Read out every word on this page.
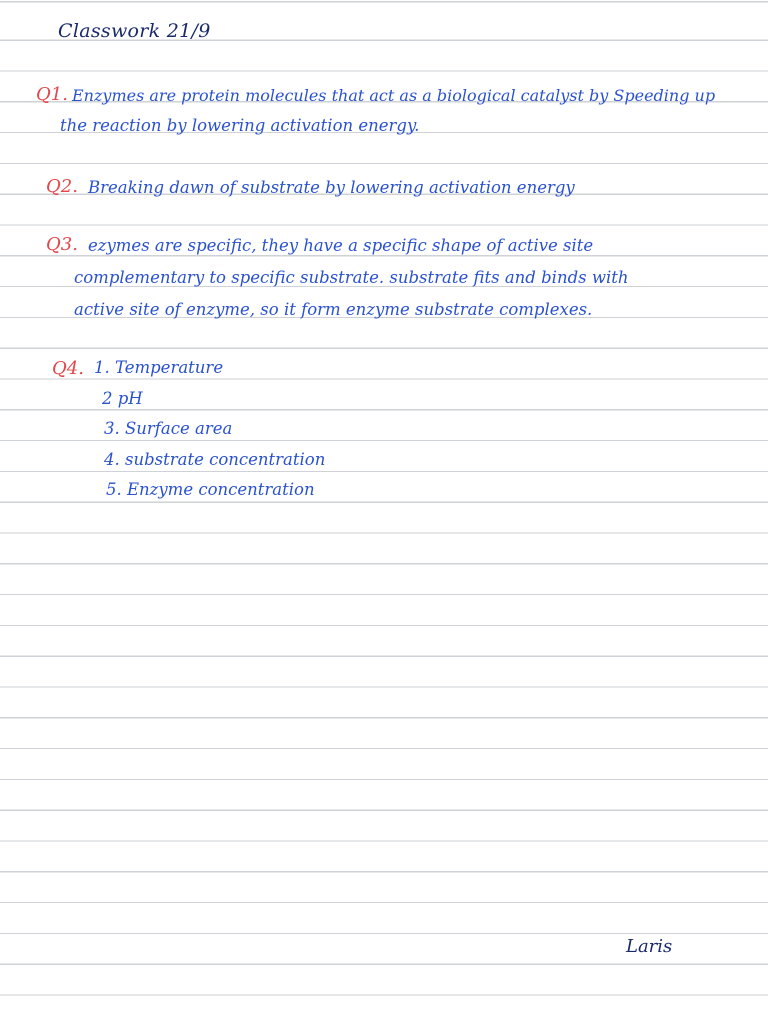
Classwork 21/9
Q1. Enzymes are protein molecules that act as a biological catalyst by Speeding up
the reaction by lowering activation energy.
Q2. Breaking dawn of substrate by lowering activation energy
Q3. ezymes are specific, they have a specific shape of active site
complementary to specific substrate. substrate fits and binds with
active site of enzyme, so it form enzyme substrate complexes.
Q4. 1. Temperature
2 pH
3. Surface area
4. substrate concentration
5. Enzyme concentration
Laris
